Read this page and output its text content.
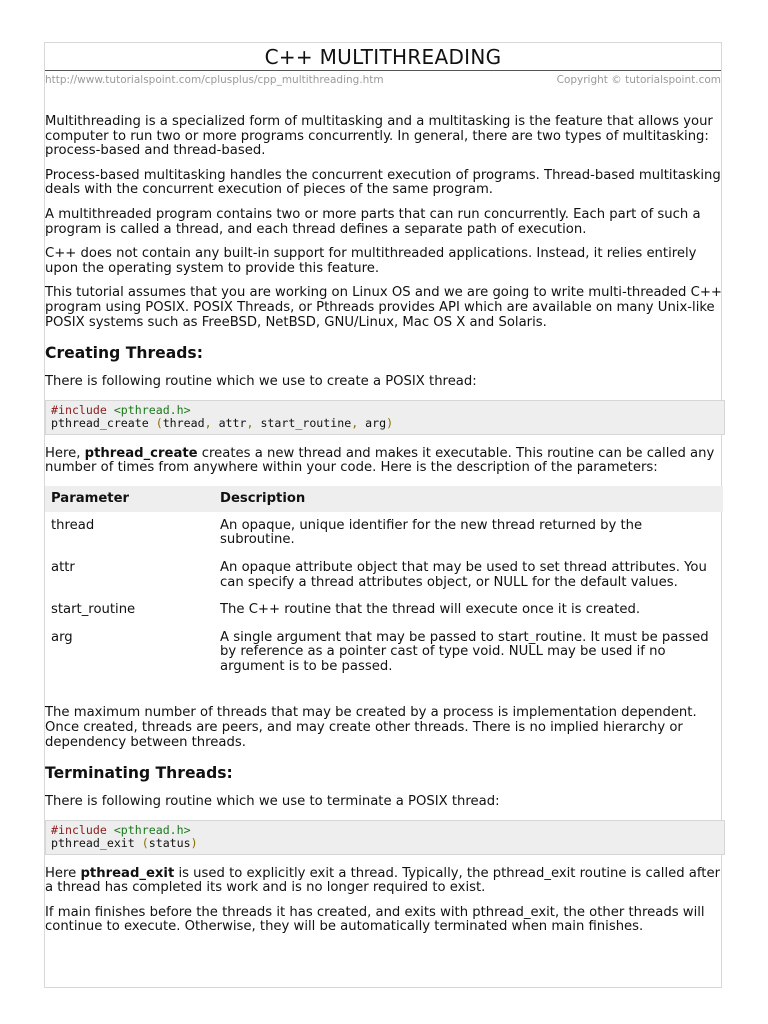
C++ MULTITHREADING
http://www.tutorialspoint.com/cplusplus/cpp_multithreading.htm	Copyright © tutorialspoint.com

Multithreading is a specialized form of multitasking and a multitasking is the feature that allows your computer to run two or more programs concurrently. In general, there are two types of multitasking: process-based and thread-based.

Process-based multitasking handles the concurrent execution of programs. Thread-based multitasking deals with the concurrent execution of pieces of the same program.

A multithreaded program contains two or more parts that can run concurrently. Each part of such a program is called a thread, and each thread defines a separate path of execution.

C++ does not contain any built-in support for multithreaded applications. Instead, it relies entirely upon the operating system to provide this feature.

This tutorial assumes that you are working on Linux OS and we are going to write multi-threaded C++ program using POSIX. POSIX Threads, or Pthreads provides API which are available on many Unix-like POSIX systems such as FreeBSD, NetBSD, GNU/Linux, Mac OS X and Solaris.

Creating Threads:

There is following routine which we use to create a POSIX thread:

#include <pthread.h>
pthread_create (thread, attr, start_routine, arg)

Here, pthread_create creates a new thread and makes it executable. This routine can be called any number of times from anywhere within your code. Here is the description of the parameters:

Parameter	Description
thread	An opaque, unique identifier for the new thread returned by the subroutine.
attr	An opaque attribute object that may be used to set thread attributes. You can specify a thread attributes object, or NULL for the default values.
start_routine	The C++ routine that the thread will execute once it is created.
arg	A single argument that may be passed to start_routine. It must be passed by reference as a pointer cast of type void. NULL may be used if no argument is to be passed.

The maximum number of threads that may be created by a process is implementation dependent. Once created, threads are peers, and may create other threads. There is no implied hierarchy or dependency between threads.

Terminating Threads:

There is following routine which we use to terminate a POSIX thread:

#include <pthread.h>
pthread_exit (status)

Here pthread_exit is used to explicitly exit a thread. Typically, the pthread_exit routine is called after a thread has completed its work and is no longer required to exist.

If main finishes before the threads it has created, and exits with pthread_exit, the other threads will continue to execute. Otherwise, they will be automatically terminated when main finishes.
